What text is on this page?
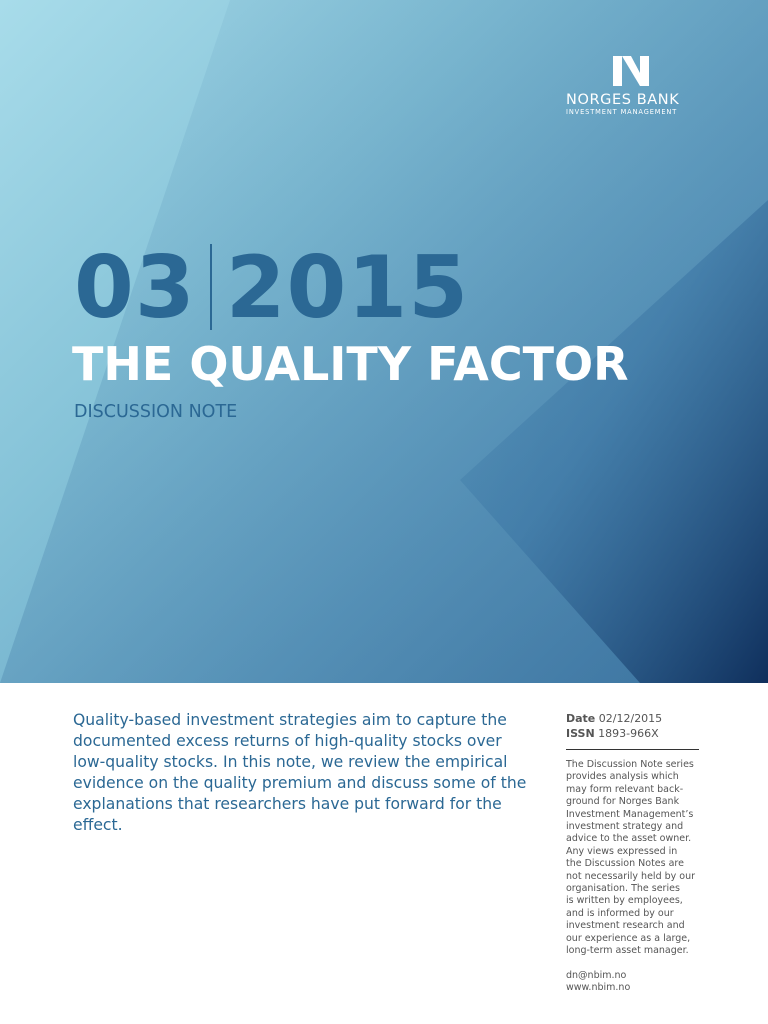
NORGES BANK
INVESTMENT MANAGEMENT
03 2015
THE QUALITY FACTOR
DISCUSSION NOTE
Quality-based investment strategies aim to capture the
documented excess returns of high-quality stocks over
low-quality stocks. In this note, we review the empirical
evidence on the quality premium and discuss some of the
explanations that researchers have put forward for the
effect.
Date 02/12/2015
ISSN 1893-966X
The Discussion Note series
provides analysis which
may form relevant back-
ground for Norges Bank
Investment Management’s
investment strategy and
advice to the asset owner.
Any views expressed in
the Discussion Notes are
not necessarily held by our
organisation. The series
is written by employees,
and is informed by our
investment research and
our experience as a large,
long-term asset manager.
dn@nbim.no
www.nbim.no
